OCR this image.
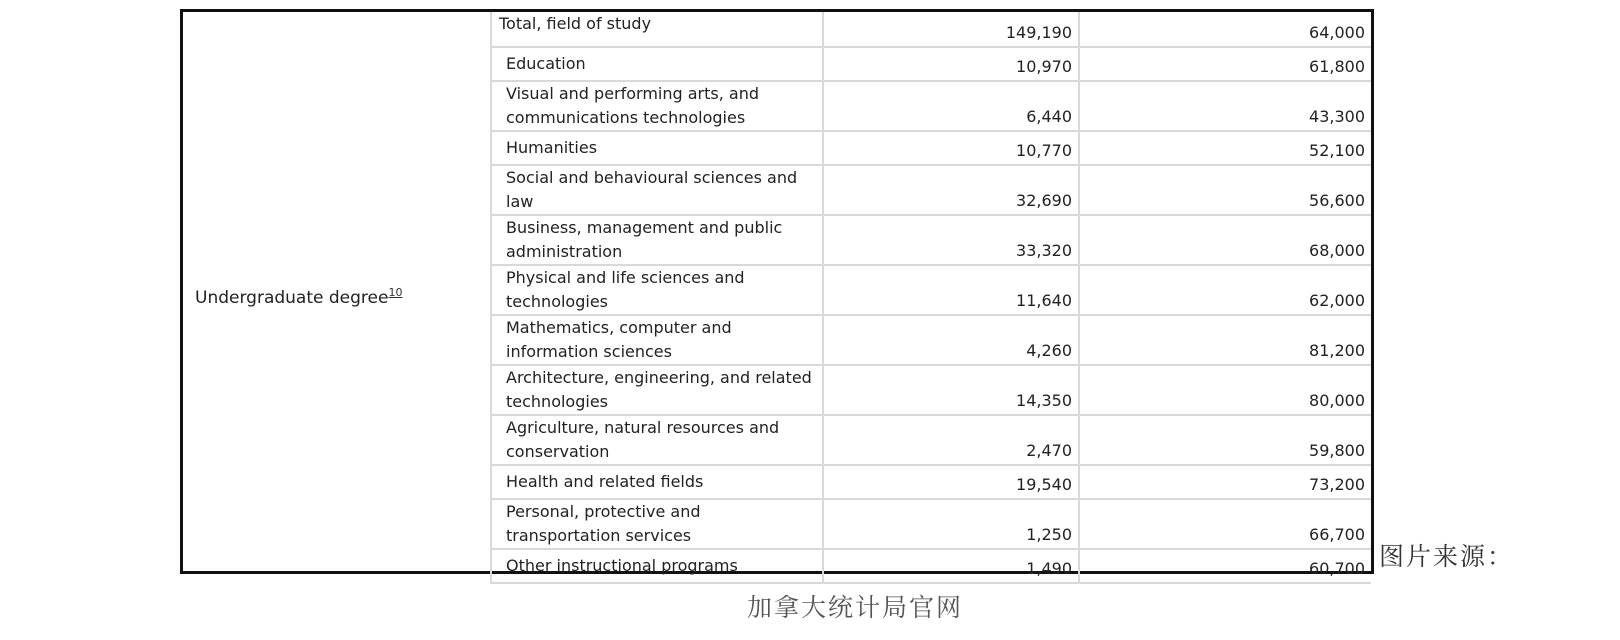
Undergraduate degree$^{10}$	Total, field of study	149,190	64,000
	Education	10,970	61,800
	Visual and performing arts, and communications technologies	6,440	43,300
	Humanities	10,770	52,100
	Social and behavioural sciences and law	32,690	56,600
	Business, management and public administration	33,320	68,000
	Physical and life sciences and technologies	11,640	62,000
	Mathematics, computer and information sciences	4,260	81,200
	Architecture, engineering, and related technologies	14,350	80,000
	Agriculture, natural resources and conservation	2,470	59,800
	Health and related fields	19,540	73,200
	Personal, protective and transportation services	1,250	66,700
	Other instructional programs	1,490	60,700 图片来源：
加拿大统计局官网
